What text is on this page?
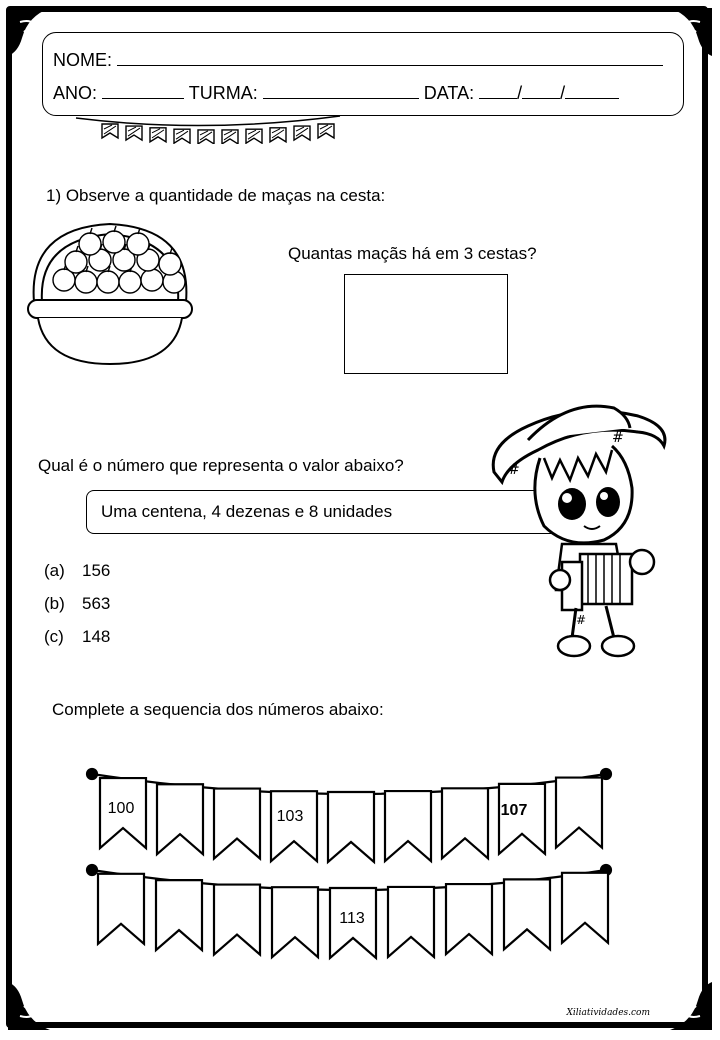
NOME:
ANO:	TURMA:	DATA: / /
1) Observe a quantidade de maças na cesta:
Quantas maçãs há em 3 cestas?
Qual é o número que representa o valor abaixo?
Uma centena, 4 dezenas e 8 unidades
(a) 156
(b) 563
(c) 148
#
#
#
Complete a sequencia dos números abaixo:
100	103	107
113
Xiliatividades.com
